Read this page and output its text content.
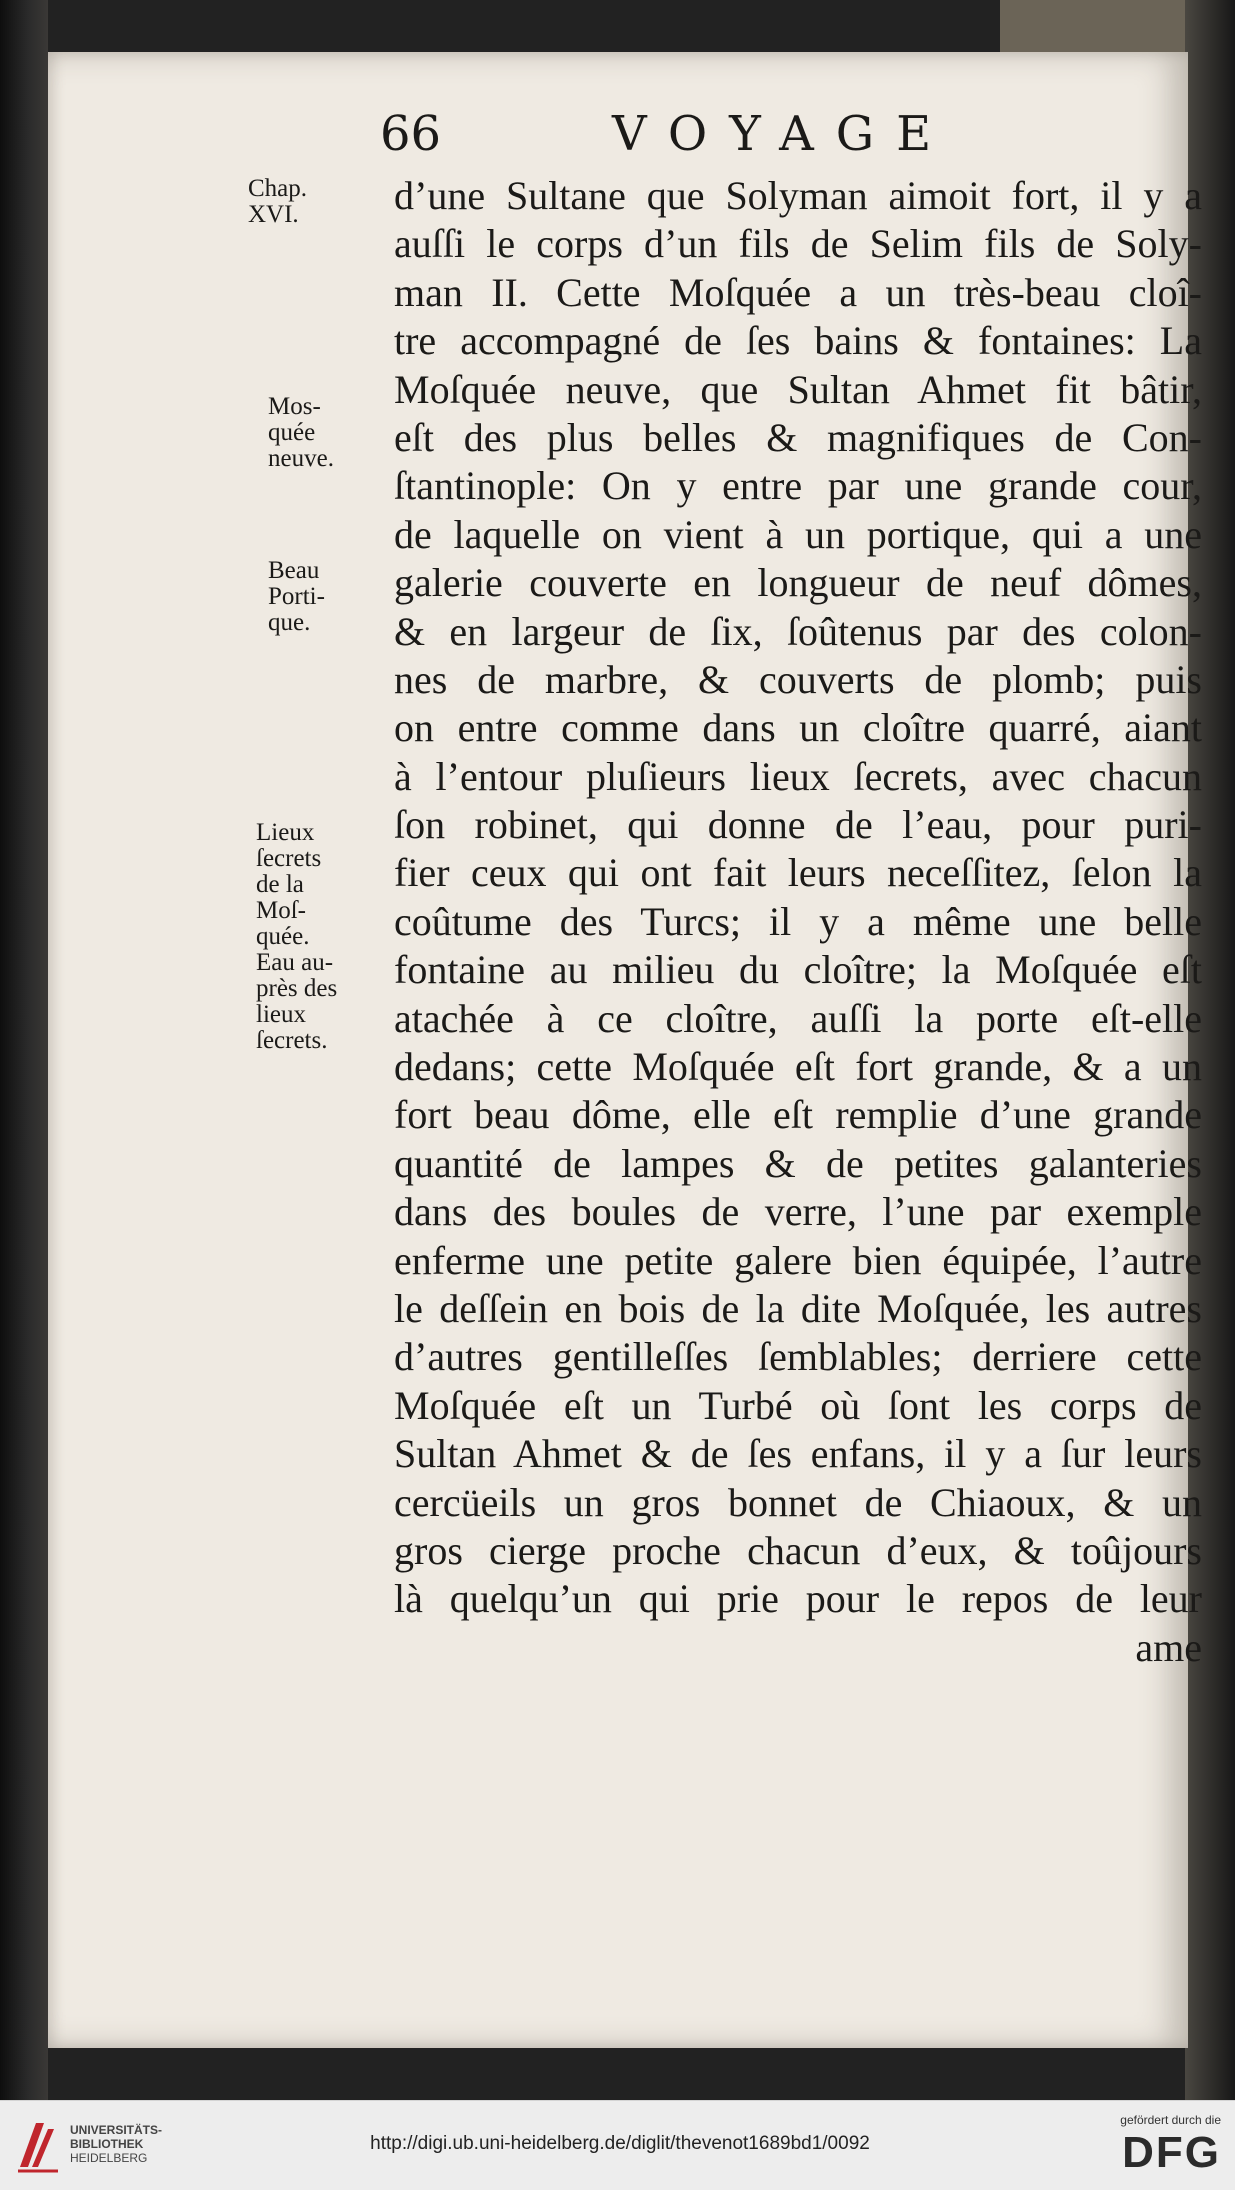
66	VOYAGE
Chap.
XVI.
Mos-
quée
neuve.
Beau
Porti-
que.
Lieux
ſecrets
de la
Moſ-
quée.
Eau au-
près des
lieux
ſecrets.
d’une Sultane que Solyman aimoit fort, il y a
auſſi le corps d’un fils de Selim fils de Soly-
man II. Cette Moſquée a un très-beau cloî-
tre accompagné de ſes bains & fontaines: La
Moſquée neuve, que Sultan Ahmet fit bâtir,
eſt des plus belles & magnifiques de Con-
ſtantinople: On y entre par une grande cour,
de laquelle on vient à un portique, qui a une
galerie couverte en longueur de neuf dômes,
& en largeur de ſix, ſoûtenus par des colon-
nes de marbre, & couverts de plomb; puis
on entre comme dans un cloître quarré, aiant
à l’entour pluſieurs lieux ſecrets, avec chacun
ſon robinet, qui donne de l’eau, pour puri-
fier ceux qui ont fait leurs neceſſitez, ſelon la
coûtume des Turcs; il y a même une belle
fontaine au milieu du cloître; la Moſquée eſt
atachée à ce cloître, auſſi la porte eſt-elle
dedans; cette Moſquée eſt fort grande, & a un
fort beau dôme, elle eſt remplie d’une grande
quantité de lampes & de petites galanteries
dans des boules de verre, l’une par exemple
enferme une petite galere bien équipée, l’autre
le deſſein en bois de la dite Moſquée, les autres
d’autres gentilleſſes ſemblables; derriere cette
Moſquée eſt un Turbé où ſont les corps de
Sultan Ahmet & de ſes enfans, il y a ſur leurs
cercüeils un gros bonnet de Chiaoux, & un
gros cierge proche chacun d’eux, & toûjours
là quelqu’un qui prie pour le repos de leur
ame
UNIVERSITÄTS-
BIBLIOTHEK
HEIDELBERG
http://digi.ub.uni-heidelberg.de/diglit/thevenot1689bd1/0092
gefördert durch die
DFG
